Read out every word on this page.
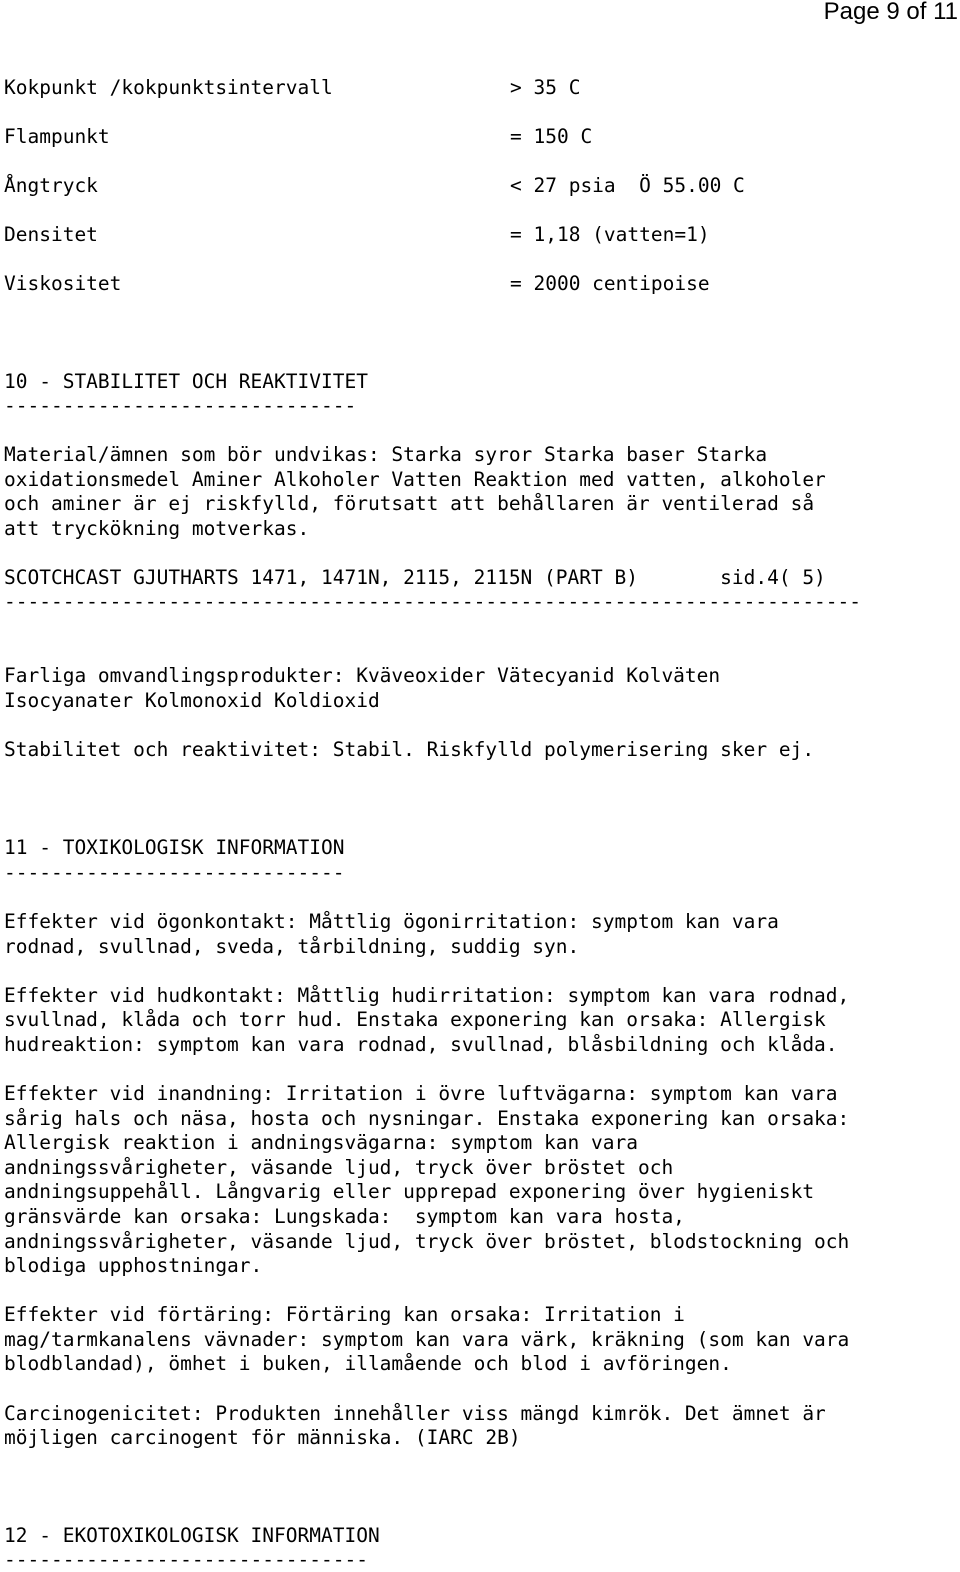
Page 9 of 11
Kokpunkt /kokpunktsintervall	> 35 C
Flampunkt	= 150 C
Ångtryck	< 27 psia  Ö 55.00 C
Densitet	= 1,18 (vatten=1)
Viskositet	= 2000 centipoise
10 - STABILITET OCH REAKTIVITET
------------------------------
Material/ämnen som bör undvikas: Starka syror Starka baser Starka
oxidationsmedel Aminer Alkoholer Vatten Reaktion med vatten, alkoholer
och aminer är ej riskfylld, förutsatt att behållaren är ventilerad så
att tryckökning motverkas.
SCOTCHCAST GJUTHARTS 1471, 1471N, 2115, 2115N (PART B)       sid.4( 5)
-------------------------------------------------------------------------
Farliga omvandlingsprodukter: Kväveoxider Vätecyanid Kolväten
Isocyanater Kolmonoxid Koldioxid
Stabilitet och reaktivitet: Stabil. Riskfylld polymerisering sker ej.
11 - TOXIKOLOGISK INFORMATION
-----------------------------
Effekter vid ögonkontakt: Måttlig ögonirritation: symptom kan vara
rodnad, svullnad, sveda, tårbildning, suddig syn.
Effekter vid hudkontakt: Måttlig hudirritation: symptom kan vara rodnad,
svullnad, klåda och torr hud. Enstaka exponering kan orsaka: Allergisk
hudreaktion: symptom kan vara rodnad, svullnad, blåsbildning och klåda.
Effekter vid inandning: Irritation i övre luftvägarna: symptom kan vara
sårig hals och näsa, hosta och nysningar. Enstaka exponering kan orsaka:
Allergisk reaktion i andningsvägarna: symptom kan vara
andningssvårigheter, väsande ljud, tryck över bröstet och
andningsuppehåll. Långvarig eller upprepad exponering över hygieniskt
gränsvärde kan orsaka: Lungskada:  symptom kan vara hosta,
andningssvårigheter, väsande ljud, tryck över bröstet, blodstockning och
blodiga upphostningar.
Effekter vid förtäring: Förtäring kan orsaka: Irritation i
mag/tarmkanalens vävnader: symptom kan vara värk, kräkning (som kan vara
blodblandad), ömhet i buken, illamående och blod i avföringen.
Carcinogenicitet: Produkten innehåller viss mängd kimrök. Det ämnet är
möjligen carcinogent för människa. (IARC 2B)
12 - EKOTOXIKOLOGISK INFORMATION
-------------------------------
